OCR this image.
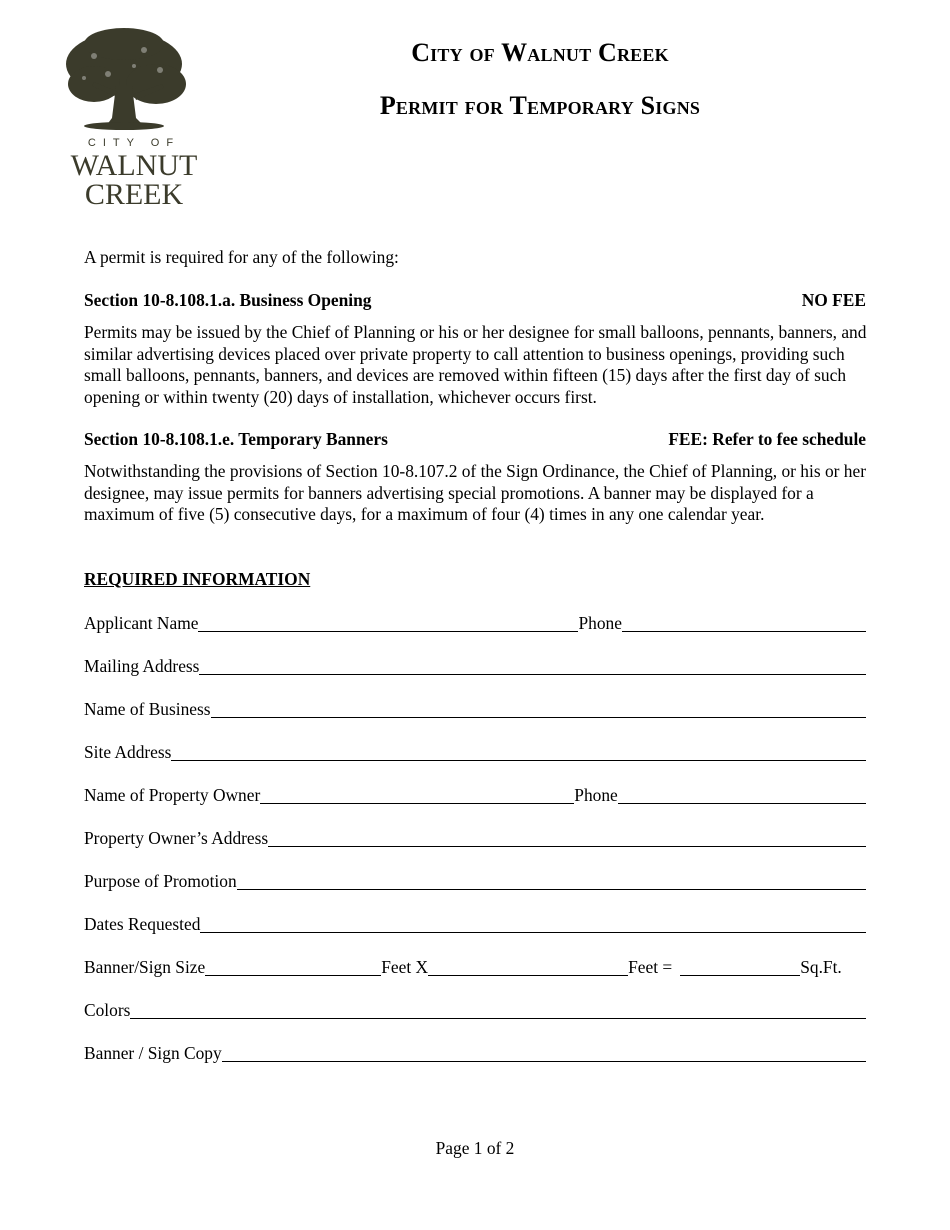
CITY OF
WALNUT
CREEK
City of Walnut Creek
Permit for Temporary Signs
A permit is required for any of the following:
Section 10-8.108.1.a. Business Opening	NO FEE
Permits may be issued by the Chief of Planning or his or her designee for small balloons, pennants, banners, and similar advertising devices placed over private property to call attention to business openings, providing such small balloons, pennants, banners, and devices are removed within fifteen (15) days after the first day of such opening or within twenty (20) days of installation, whichever occurs first.
Section 10-8.108.1.e. Temporary Banners	FEE: Refer to fee schedule
Notwithstanding the provisions of Section 10-8.107.2 of the Sign Ordinance, the Chief of Planning, or his or her designee, may issue permits for banners advertising special promotions. A banner may be displayed for a maximum of five (5) consecutive days, for a maximum of four (4) times in any one calendar year.
REQUIRED INFORMATION
Applicant Name	Phone
Mailing Address
Name of Business
Site Address
Name of Property Owner	Phone
Property Owner’s Address
Purpose of Promotion
Dates Requested
Banner/Sign Size	Feet X	Feet =	Sq.Ft.
Colors
Banner / Sign Copy
Page 1 of 2
